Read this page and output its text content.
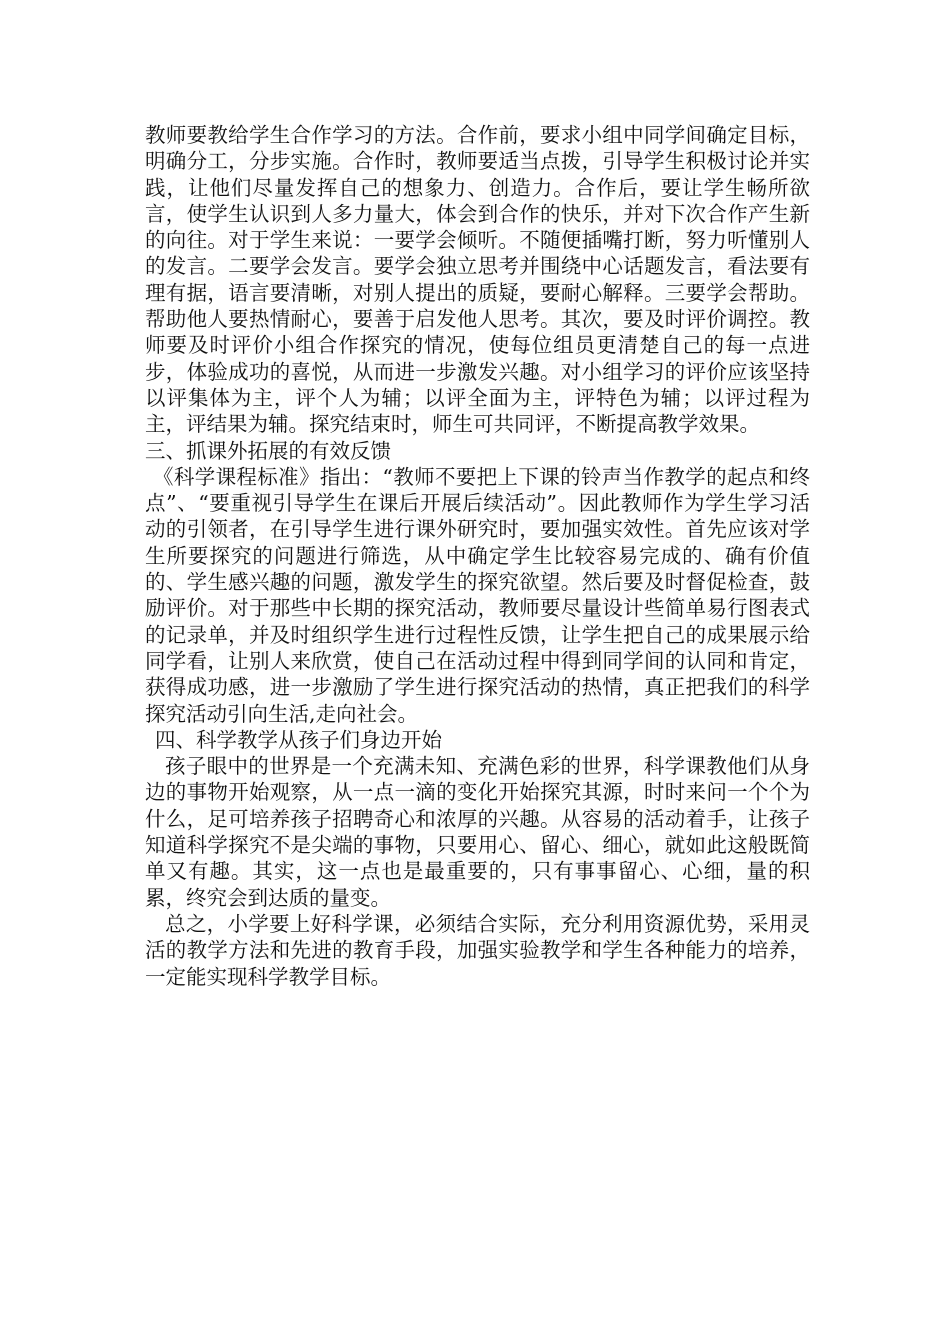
教师要教给学生合作学习的方法。合作前，要求小组中同学间确定目标，明确分工，分步实施。合作时，教师要适当点拨，引导学生积极讨论并实践，让他们尽量发挥自己的想象力、创造力。合作后，要让学生畅所欲言，使学生认识到人多力量大，体会到合作的快乐，并对下次合作产生新的向往。对于学生来说：一要学会倾听。不随便插嘴打断，努力听懂别人的发言。二要学会发言。要学会独立思考并围绕中心话题发言，看法要有理有据，语言要清晰，对别人提出的质疑，要耐心解释。三要学会帮助。帮助他人要热情耐心，要善于启发他人思考。其次，要及时评价调控。教师要及时评价小组合作探究的情况，使每位组员更清楚自己的每一点进步，体验成功的喜悦，从而进一步激发兴趣。对小组学习的评价应该坚持以评集体为主，评个人为辅；以评全面为主，评特色为辅；以评过程为主，评结果为辅。探究结束时，师生可共同评，不断提高教学效果。

三、抓课外拓展的有效反馈

《科学课程标准》指出：“教师不要把上下课的铃声当作教学的起点和终点”、“要重视引导学生在课后开展后续活动”。因此教师作为学生学习活动的引领者，在引导学生进行课外研究时，要加强实效性。首先应该对学生所要探究的问题进行筛选，从中确定学生比较容易完成的、确有价值的、学生感兴趣的问题，激发学生的探究欲望。然后要及时督促检查，鼓励评价。对于那些中长期的探究活动，教师要尽量设计些简单易行图表式的记录单，并及时组织学生进行过程性反馈，让学生把自己的成果展示给同学看，让别人来欣赏，使自己在活动过程中得到同学间的认同和肯定，获得成功感，进一步激励了学生进行探究活动的热情，真正把我们的科学探究活动引向生活,走向社会。

四、科学教学从孩子们身边开始

孩子眼中的世界是一个充满未知、充满色彩的世界，科学课教他们从身边的事物开始观察，从一点一滴的变化开始探究其源，时时来问一个个为什么，足可培养孩子招聘奇心和浓厚的兴趣。从容易的活动着手，让孩子知道科学探究不是尖端的事物，只要用心、留心、细心，就如此这般既简单又有趣。其实，这一点也是最重要的，只有事事留心、心细，量的积累，终究会到达质的量变。

总之，小学要上好科学课，必须结合实际，充分利用资源优势，采用灵活的教学方法和先进的教育手段，加强实验教学和学生各种能力的培养，一定能实现科学教学目标。
